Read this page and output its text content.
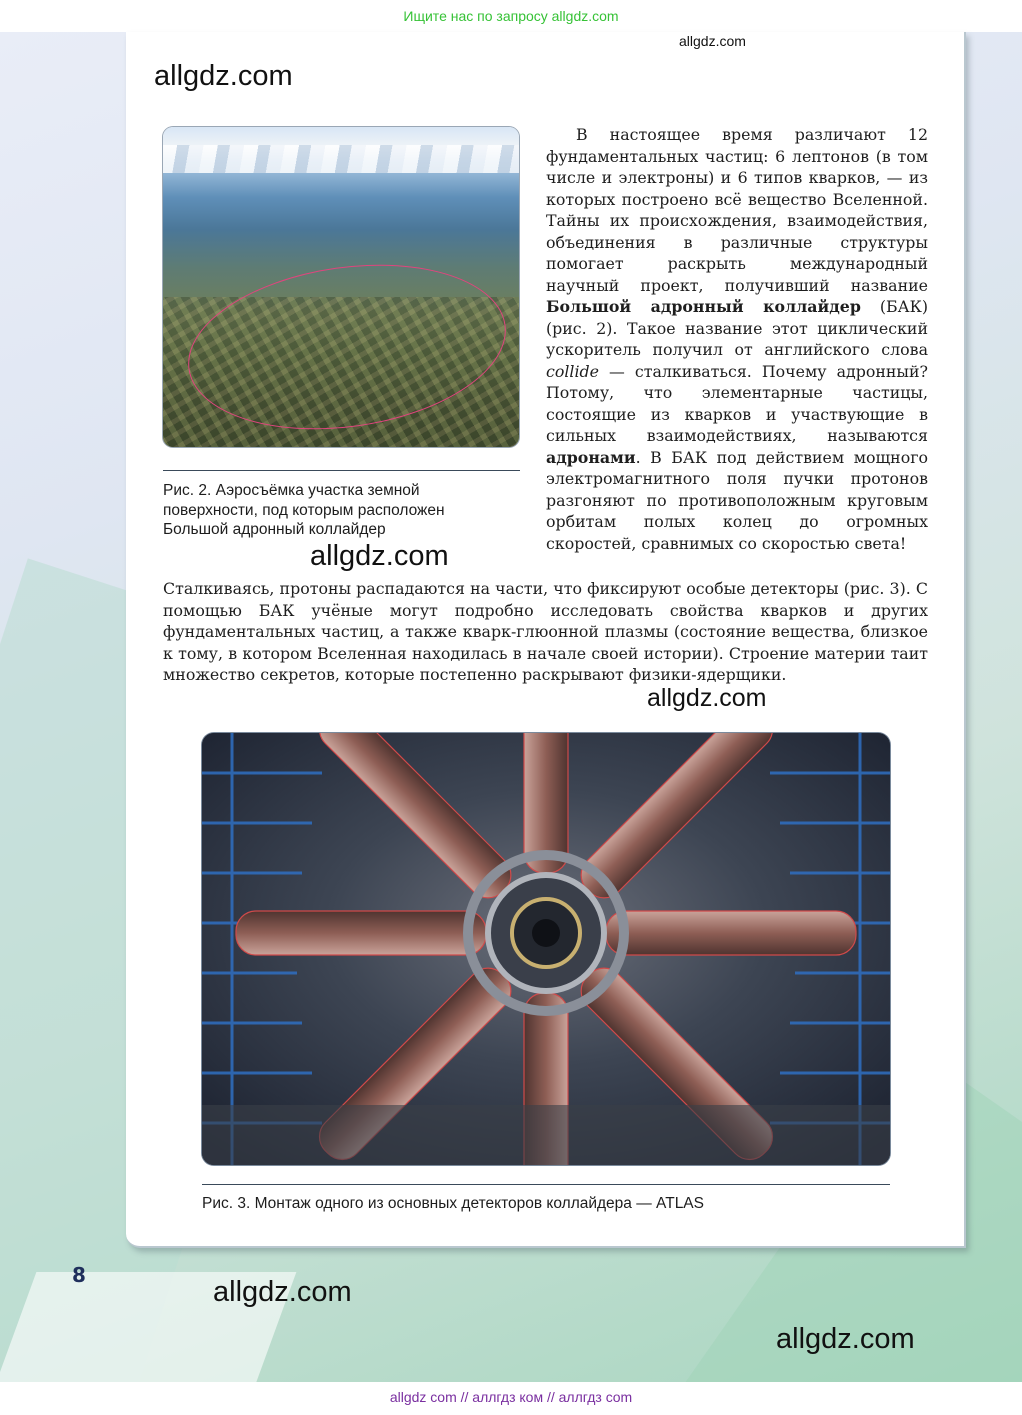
Ищите нас по запросу allgdz.com
allgdz.com
allgdz.com
Рис. 2. Аэросъёмка участка земной
поверхности, под которым расположен
Большой адронный коллайдер
allgdz.com

В настоящее время различают 12 фундаментальных частиц: 6 лептонов (в том числе и электроны) и 6 типов кварков, — из которых построено всё вещество Вселенной. Тайны их происхождения, взаимодействия, объединения в различные структуры помогает раскрыть международный научный проект, получивший название Большой адронный коллайдер (БАК) (рис. 2). Такое название этот циклический ускоритель получил от английского слова collide — сталкиваться. Почему адронный? Потому, что элементарные частицы, состоящие из кварков и участвующие в сильных взаимодействиях, называются адронами. В БАК под действием мощного электромагнитного поля пучки протонов разгоняют по противоположным круговым орбитам полых колец до огромных скоростей, сравнимых со скоростью света!

Сталкиваясь, протоны распадаются на части, что фиксируют особые детекторы (рис. 3). С помощью БАК учёные могут подробно исследовать свойства кварков и других фундаментальных частиц, а также кварк-глюонной плазмы (состояние вещества, близкое к тому, в котором Вселенная находилась в начале своей истории). Строение материи таит множество секретов, которые постепенно раскрывают физики-ядерщики.

allgdz.com
Рис. 3. Монтаж одного из основных детекторов коллайдера — ATLAS
8
allgdz.com
allgdz.com
allgdz com // аллгдз ком // аллгдз com
